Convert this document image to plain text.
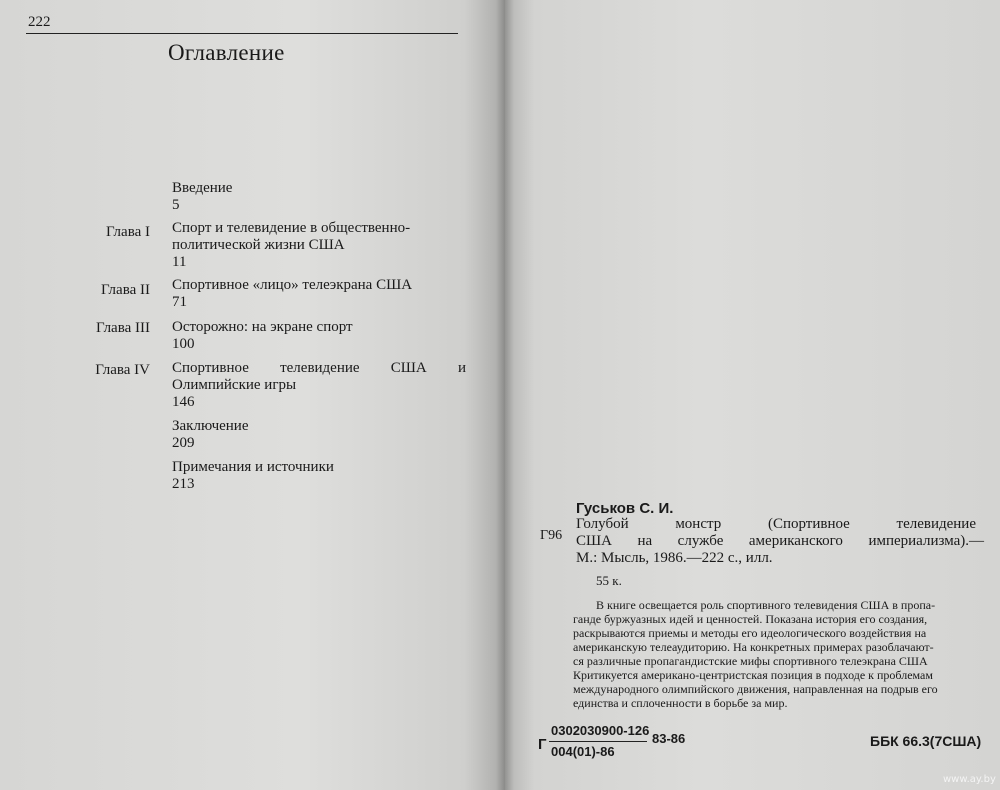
222
Оглавление
Введение
5
Глава I Спорт и телевидение в общественно-
политической жизни США
11
Глава II Спортивное «лицо» телеэкрана США
71
Глава III Осторожно: на экране спорт
100
Глава IV Спортивное телевидение США и
Олимпийские игры
146
Заключение
209
Примечания и источники
213
Гуськов С. И.
Г96
Голубой монстр (Спортивное телевидение
США на службе американского империализма).—
М.: Мысль, 1986.—222 с., илл.
55 к.
В книге освещается роль спортивного телевидения США в пропа-
ганде буржуазных идей и ценностей. Показана история его создания,
раскрываются приемы и методы его идеологического воздействия на
американскую телеаудиторию. На конкретных примерах разоблачают-
ся различные пропагандистские мифы спортивного телеэкрана США
Критикуется американо-центристская позиция в подходе к проблемам
международного олимпийского движения, направленная на подрыв его
единства и сплоченности в борьбе за мир.
Г
0302030900-126
004(01)-86
83-86	ББК 66.3(7США)
www.ay.by
